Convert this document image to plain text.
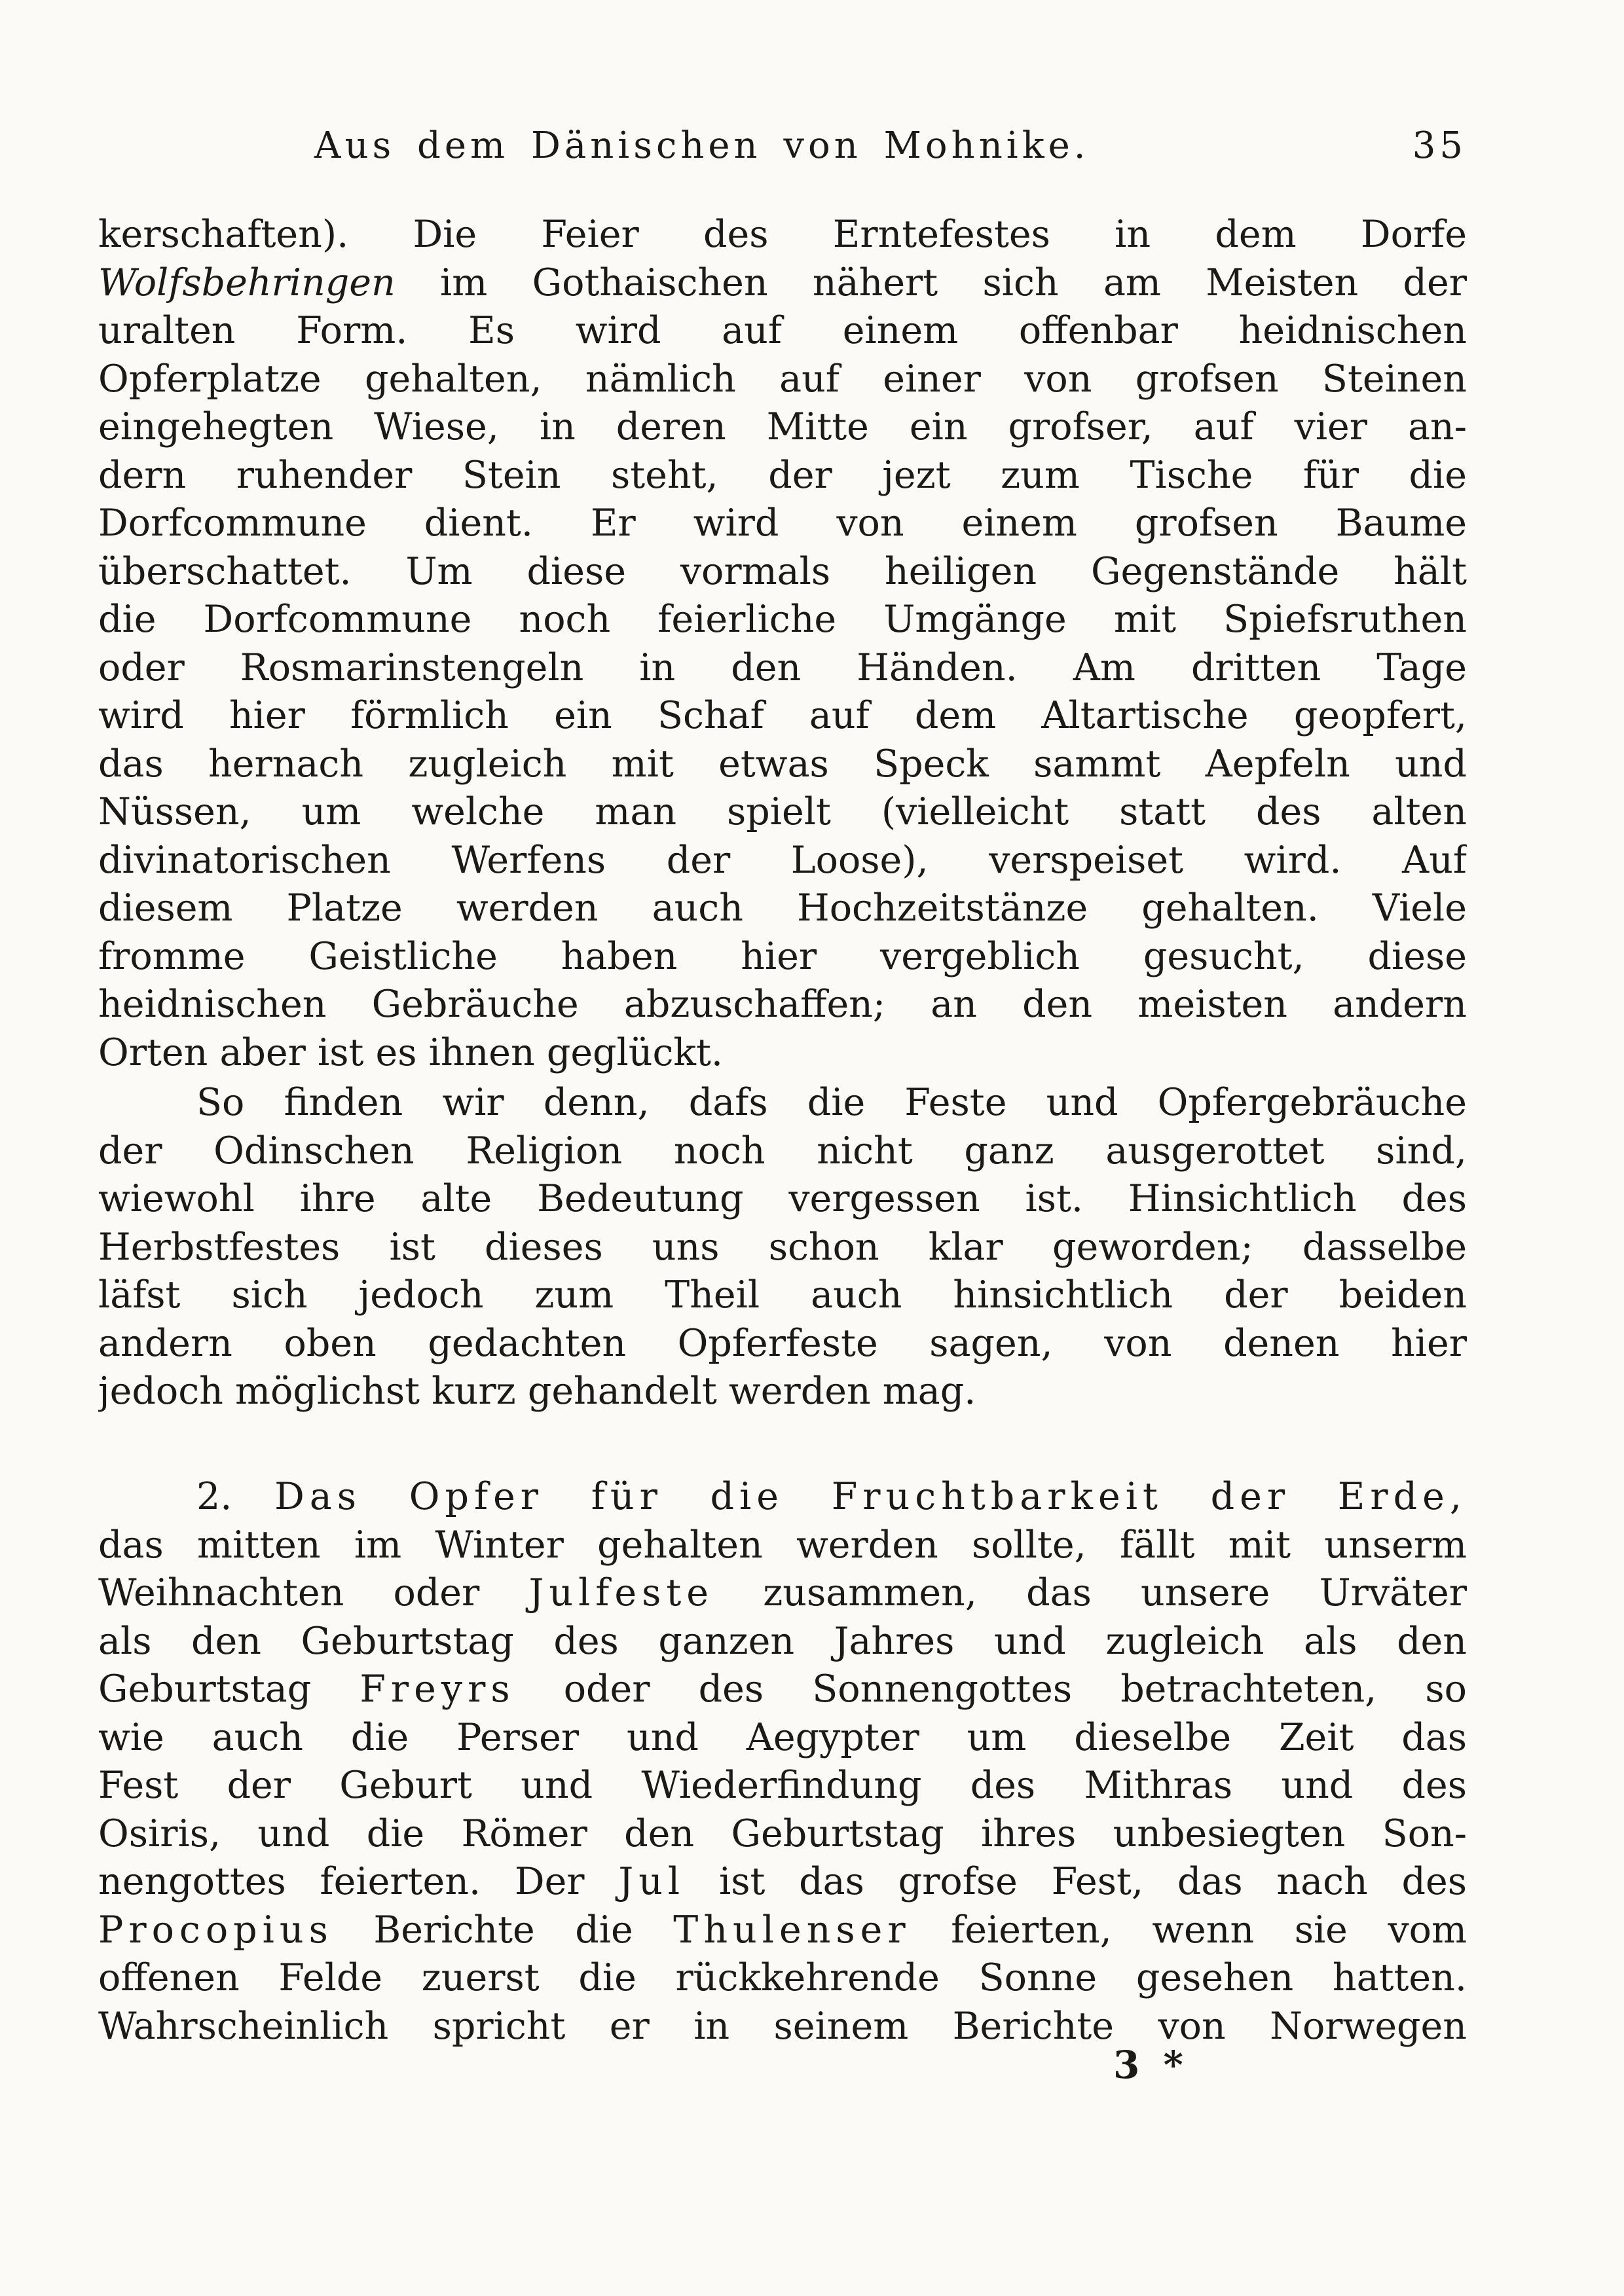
Aus dem Dänischen von Mohnike.	35
kerschaften). Die Feier des Erntefestes in dem Dorfe
Wolfsbehringen im Gothaischen nähert sich am Meisten der
uralten Form. Es wird auf einem offenbar heidnischen
Opferplatze gehalten, nämlich auf einer von grofsen Steinen
eingehegten Wiese, in deren Mitte ein grofser, auf vier an-
dern ruhender Stein steht, der jezt zum Tische für die
Dorfcommune dient. Er wird von einem grofsen Baume
überschattet. Um diese vormals heiligen Gegenstände hält
die Dorfcommune noch feierliche Umgänge mit Spiefsruthen
oder Rosmarinstengeln in den Händen. Am dritten Tage
wird hier förmlich ein Schaf auf dem Altartische geopfert,
das hernach zugleich mit etwas Speck sammt Aepfeln und
Nüssen, um welche man spielt (vielleicht statt des alten
divinatorischen Werfens der Loose), verspeiset wird. Auf
diesem Platze werden auch Hochzeitstänze gehalten. Viele
fromme Geistliche haben hier vergeblich gesucht, diese
heidnischen Gebräuche abzuschaffen; an den meisten andern
Orten aber ist es ihnen geglückt.
So finden wir denn, dafs die Feste und Opfergebräuche
der Odinschen Religion noch nicht ganz ausgerottet sind,
wiewohl ihre alte Bedeutung vergessen ist. Hinsichtlich des
Herbstfestes ist dieses uns schon klar geworden; dasselbe
läfst sich jedoch zum Theil auch hinsichtlich der beiden
andern oben gedachten Opferfeste sagen, von denen hier
jedoch möglichst kurz gehandelt werden mag.
2. Das Opfer für die Fruchtbarkeit der Erde,
das mitten im Winter gehalten werden sollte, fällt mit unserm
Weihnachten oder Julfeste zusammen, das unsere Urväter
als den Geburtstag des ganzen Jahres und zugleich als den
Geburtstag Freyrs oder des Sonnengottes betrachteten, so
wie auch die Perser und Aegypter um dieselbe Zeit das
Fest der Geburt und Wiederfindung des Mithras und des
Osiris, und die Römer den Geburtstag ihres unbesiegten Son-
nengottes feierten. Der Jul ist das grofse Fest, das nach des
Procopius Berichte die Thulenser feierten, wenn sie vom
offenen Felde zuerst die rückkehrende Sonne gesehen hatten.
Wahrscheinlich spricht er in seinem Berichte von Norwegen
3 *
